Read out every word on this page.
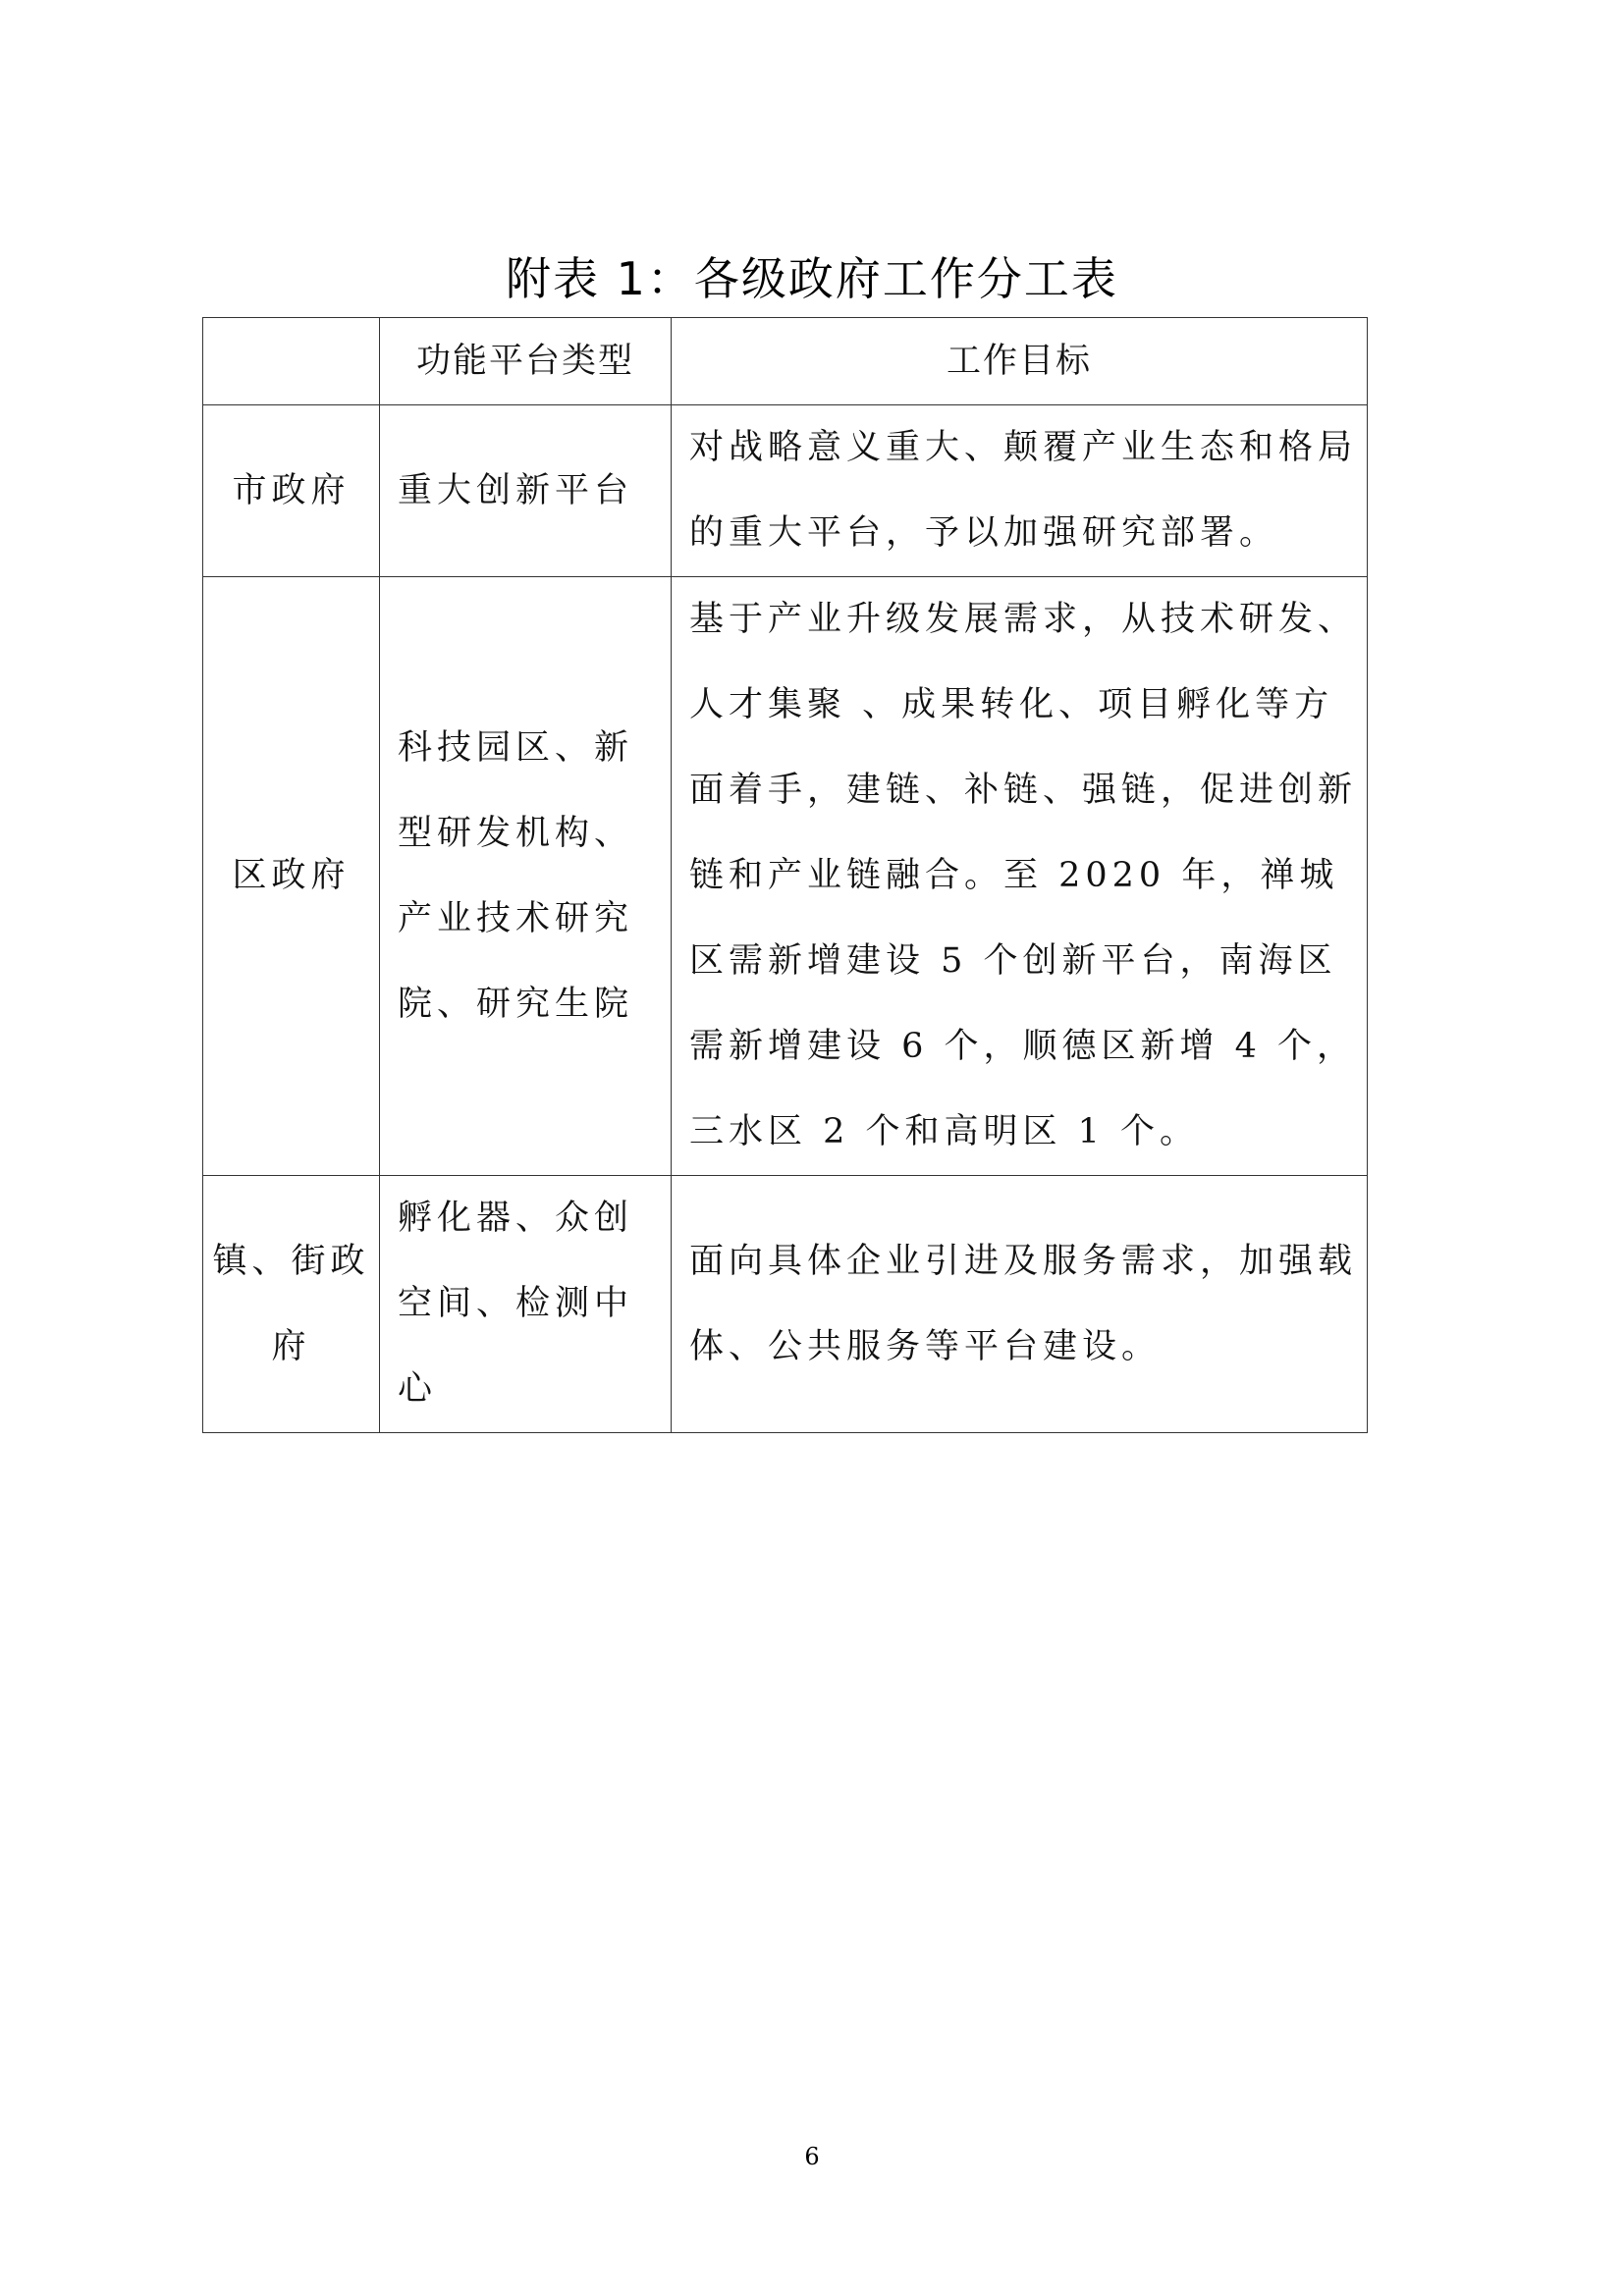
附表 1：各级政府工作分工表
	功能平台类型	工作目标
市政府	重大创新平台	对战略意义重大、颠覆产业生态和格局的重大平台，予以加强研究部署。
区政府	科技园区、新型研发机构、产业技术研究院、研究生院	基于产业升级发展需求，从技术研发、人才集聚 、成果转化、项目孵化等方面着手，建链、补链、强链，促进创新链和产业链融合。至 2020 年，禅城区需新增建设 5 个创新平台，南海区需新增建设 6 个，顺德区新增 4 个，三水区 2 个和高明区 1 个。
镇、街政府	孵化器、众创空间、检测中心	面向具体企业引进及服务需求，加强载体、公共服务等平台建设。
6
